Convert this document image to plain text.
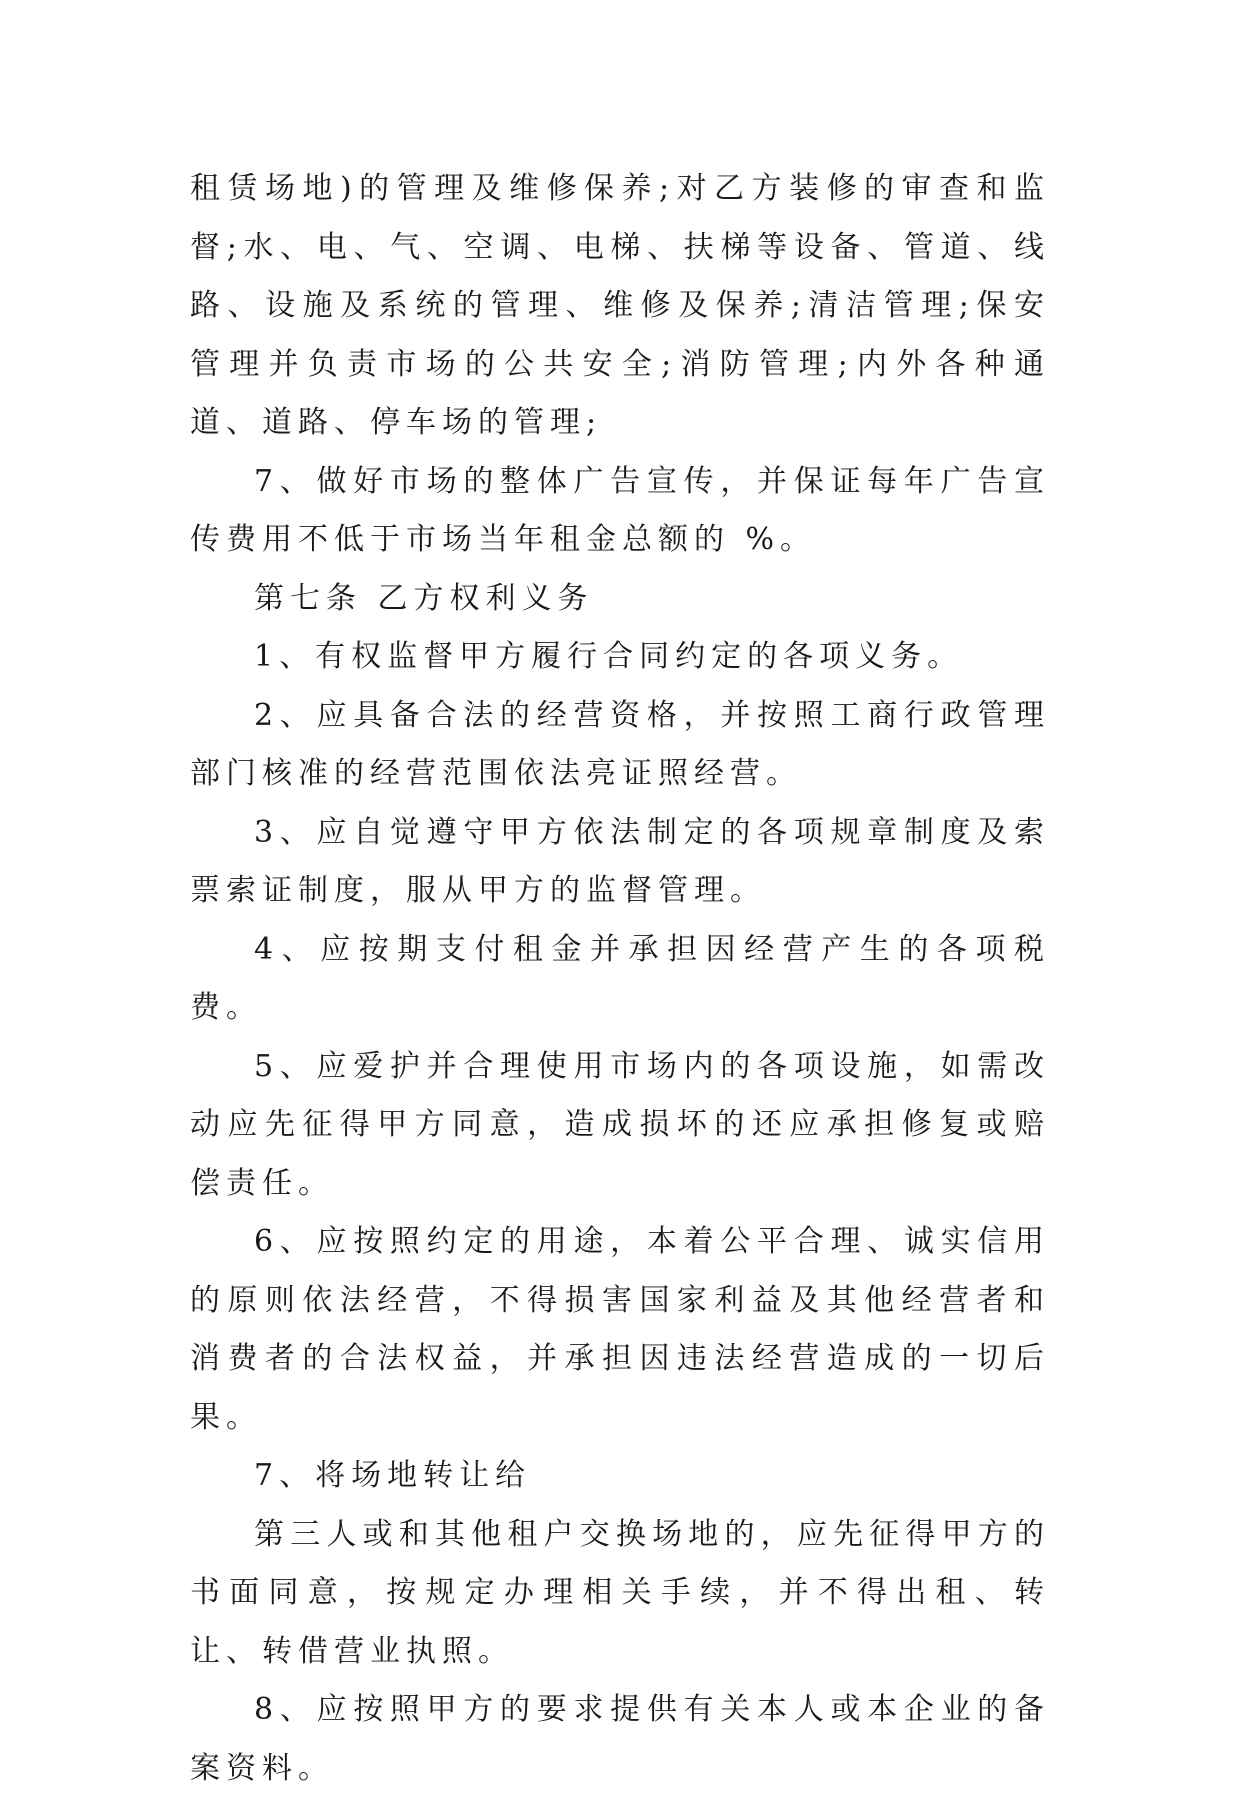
租赁场地)的管理及维修保养;对乙方装修的审查和监督;水、电、气、空调、电梯、扶梯等设备、管道、线路、设施及系统的管理、维修及保养;清洁管理;保安管理并负责市场的公共安全;消防管理;内外各种通道、道路、停车场的管理;

7、做好市场的整体广告宣传，并保证每年广告宣传费用不低于市场当年租金总额的 %。

第七条 乙方权利义务

1、有权监督甲方履行合同约定的各项义务。

2、应具备合法的经营资格，并按照工商行政管理部门核准的经营范围依法亮证照经营。

3、应自觉遵守甲方依法制定的各项规章制度及索票索证制度，服从甲方的监督管理。

4、应按期支付租金并承担因经营产生的各项税费。

5、应爱护并合理使用市场内的各项设施，如需改动应先征得甲方同意，造成损坏的还应承担修复或赔偿责任。

6、应按照约定的用途，本着公平合理、诚实信用的原则依法经营，不得损害国家利益及其他经营者和消费者的合法权益，并承担因违法经营造成的一切后果。

7、将场地转让给

第三人或和其他租户交换场地的，应先征得甲方的书面同意，按规定办理相关手续，并不得出租、转让、转借营业执照。

8、应按照甲方的要求提供有关本人或本企业的备案资料。
